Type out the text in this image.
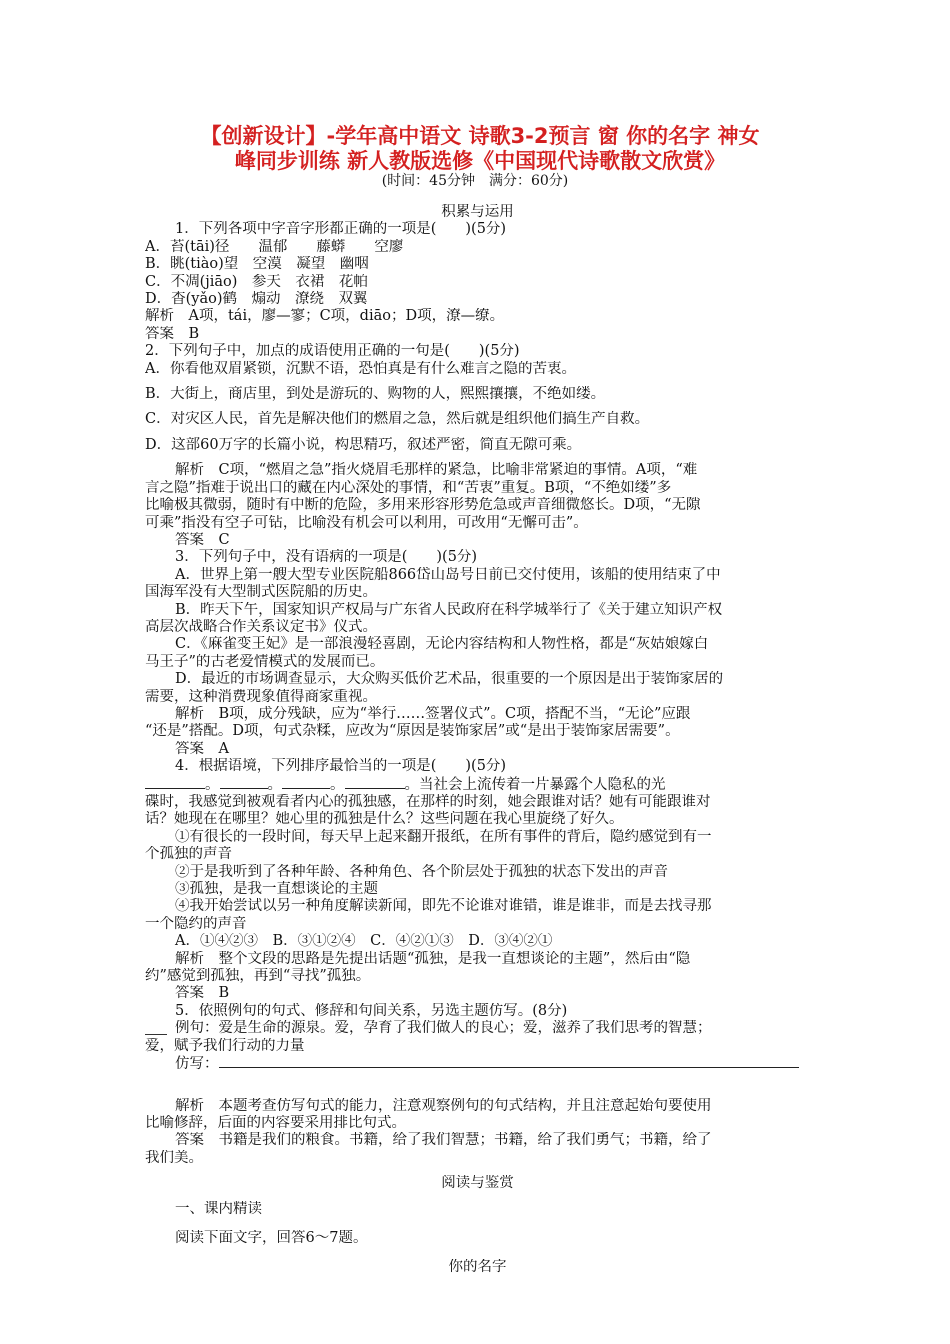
【创新设计】-学年高中语文 诗歌3-2预言 窗 你的名字 神女
峰同步训练 新人教版选修《中国现代诗歌散文欣赏》
(时间：45分钟　满分：60分)
积累与运用
1．下列各项中字音字形都正确的一项是(　　)(5分)
A．苔(tāi)径　　温郁　　藤蟒　　空廖
B．眺(tiào)望　空漠　凝望　幽咽
C．不凋(jiāo)　参天　衣裙　花帕
D．杳(yǎo)鹤　煽动　潦绕　双翼
解析　A项，tái，廖—寥；C项，diāo；D项，潦—缭。
答案　B
2．下列句子中，加点的成语使用正确的一句是(　　)(5分)
A．你看他双眉紧锁，沉默不语，恐怕真是有什么难言之隐的苦衷。
B．大街上，商店里，到处是游玩的、购物的人，熙熙攘攘，不绝如缕。
C．对灾区人民，首先是解决他们的燃眉之急，然后就是组织他们搞生产自救。
D．这部60万字的长篇小说，构思精巧，叙述严密，简直无隙可乘。
解析　C项，“燃眉之急”指火烧眉毛那样的紧急，比喻非常紧迫的事情。A项，“难
言之隐”指难于说出口的藏在内心深处的事情，和“苦衷”重复。B项，“不绝如缕”多
比喻极其微弱，随时有中断的危险，多用来形容形势危急或声音细微悠长。D项，“无隙
可乘”指没有空子可钻，比喻没有机会可以利用，可改用“无懈可击”。
答案　C
3．下列句子中，没有语病的一项是(　　)(5分)
A．世界上第一艘大型专业医院船866岱山岛号日前已交付使用，该船的使用结束了中
国海军没有大型制式医院船的历史。
B．昨天下午，国家知识产权局与广东省人民政府在科学城举行了《关于建立知识产权
高层次战略合作关系议定书》仪式。
C．《麻雀变王妃》是一部浪漫轻喜剧，无论内容结构和人物性格，都是“灰姑娘嫁白
马王子”的古老爱情模式的发展而已。
D．最近的市场调查显示，大众购买低价艺术品，很重要的一个原因是出于装饰家居的
需要，这种消费现象值得商家重视。
解析　B项，成分残缺，应为“举行……签署仪式”。C项，搭配不当，“无论”应跟
“还是”搭配。D项，句式杂糅，应改为“原因是装饰家居”或“是出于装饰家居需要”。
答案　A
4．根据语境，下列排序最恰当的一项是(　　)(5分)
。	。	。	。当社会上流传着一片暴露个人隐私的光
碟时，我感觉到被观看者内心的孤独感，在那样的时刻，她会跟谁对话？她有可能跟谁对
话？她现在在哪里？她心里的孤独是什么？这些问题在我心里旋绕了好久。
①有很长的一段时间，每天早上起来翻开报纸，在所有事件的背后，隐约感觉到有一
个孤独的声音
②于是我听到了各种年龄、各种角色、各个阶层处于孤独的状态下发出的声音
③孤独，是我一直想谈论的主题
④我开始尝试以另一种角度解读新闻，即先不论谁对谁错，谁是谁非，而是去找寻那
一个隐约的声音
A．①④②③　B．③①②④　C．④②①③　D．③④②①
解析　整个文段的思路是先提出话题“孤独，是我一直想谈论的主题”，然后由“隐
约”感觉到孤独，再到“寻找”孤独。
答案　B
5．依照例句的句式、修辞和句间关系，另选主题仿写。(8分)
例句：爱是生命的源泉。爱，孕育了我们做人的良心；爱，滋养了我们思考的智慧；
爱，赋予我们行动的力量
仿写：
解析　本题考查仿写句式的能力，注意观察例句的句式结构，并且注意起始句要使用
比喻修辞，后面的内容要采用排比句式。
答案　书籍是我们的粮食。书籍，给了我们智慧；书籍，给了我们勇气；书籍，给了
我们美。
阅读与鉴赏
一、课内精读
阅读下面文字，回答6～7题。
你的名字
